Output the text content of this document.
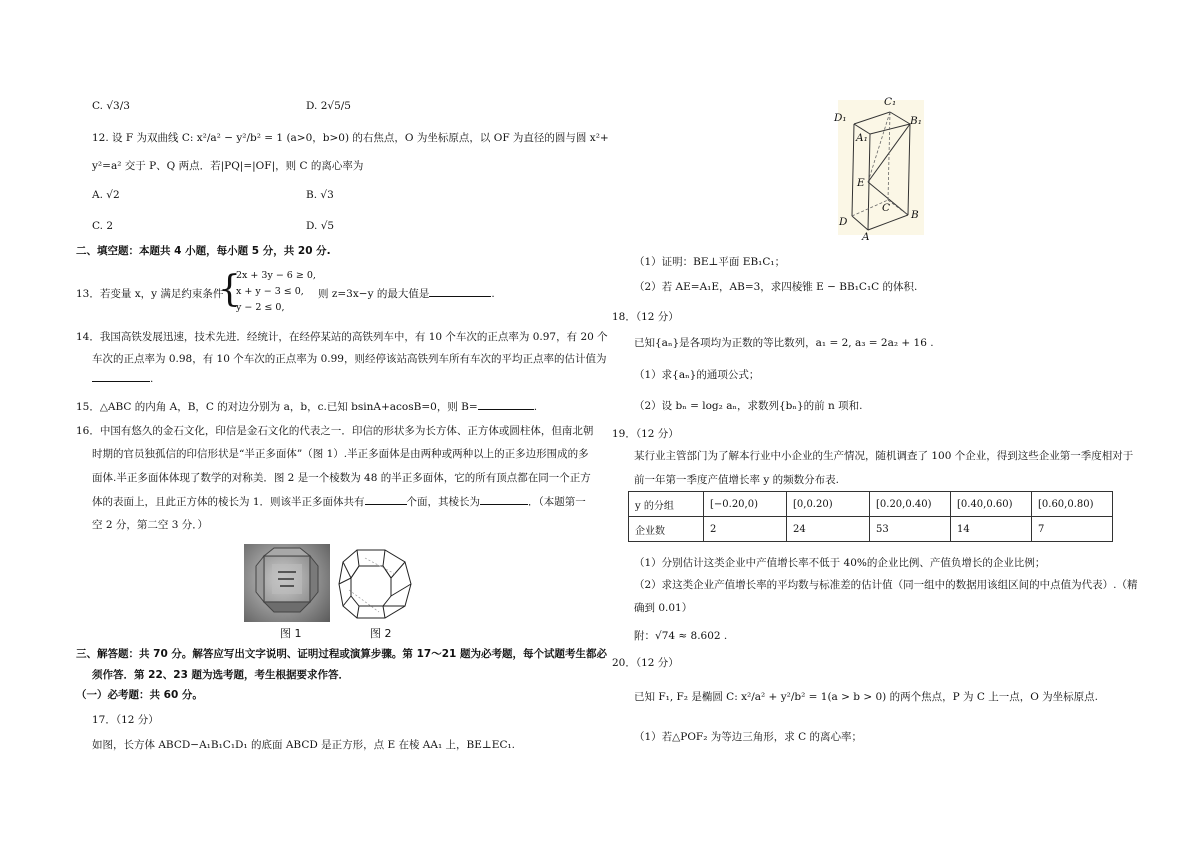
C. √3/3	D. 2√5/5
12. 设 F 为双曲线 C: x²/a² − y²/b² = 1 (a>0，b>0) 的右焦点，O 为坐标原点，以 OF 为直径的圆与圆 x²+
y²=a² 交于 P、Q 两点．若|PQ|=|OF|，则 C 的离心率为
A. √2	B. √3
C. 2	D. √5
二、填空题：本题共 4 小题，每小题 5 分，共 20 分.
13．若变量 x，y 满足约束条件
{
2x + 3y − 6 ≥ 0,
x + y − 3 ≤ 0,
y − 2 ≤ 0,
则 z=3x−y 的最大值是	.
14．我国高铁发展迅速，技术先进．经统计，在经停某站的高铁列车中，有 10 个车次的正点率为 0.97，有 20 个
车次的正点率为 0.98，有 10 个车次的正点率为 0.99，则经停该站高铁列车所有车次的平均正点率的估计值为
.
15．△ABC 的内角 A，B，C 的对边分别为 a，b，c.已知 bsinA+acosB=0，则 B=	.
16．中国有悠久的金石文化，印信是金石文化的代表之一．印信的形状多为长方体、正方体或圆柱体，但南北朝
时期的官员独孤信的印信形状是“半正多面体”（图 1）.半正多面体是由两种或两种以上的正多边形围成的多
面体.半正多面体体现了数学的对称美．图 2 是一个棱数为 48 的半正多面体，它的所有顶点都在同一个正方
体的表面上，且此正方体的棱长为 1．则该半正多面体共有	个面，其棱长为	．（本题第一
空 2 分，第二空 3 分．）
图 1	图 2
三、解答题：共 70 分。解答应写出文字说明、证明过程或演算步骤。第 17～21 题为必考题，每个试题考生都必
须作答．第 22、23 题为选考题，考生根据要求作答．
（一）必考题：共 60 分。
17．（12 分）
如图，长方体 ABCD−A₁B₁C₁D₁ 的底面 ABCD 是正方形，点 E 在棱 AA₁ 上，BE⊥EC₁.
D₁
C₁
B₁
A₁
E
C
B
D
A
（1）证明：BE⊥平面 EB₁C₁；
（2）若 AE=A₁E，AB=3，求四棱锥 E − BB₁C₁C 的体积.
18．（12 分）
已知{aₙ}是各项均为正数的等比数列，a₁ = 2, a₃ = 2a₂ + 16 .
（1）求{aₙ}的通项公式；
（2）设 bₙ = log₂ aₙ，求数列{bₙ}的前 n 项和.
19．（12 分）
某行业主管部门为了解本行业中小企业的生产情况，随机调查了 100 个企业，得到这些企业第一季度相对于
前一年第一季度产值增长率 y 的频数分布表.
y 的分组	[−0.20,0)	[0,0.20)	[0.20,0.40)	[0.40,0.60)	[0.60,0.80)
企业数	2	24	53	14	7
（1）分别估计这类企业中产值增长率不低于 40%的企业比例、产值负增长的企业比例；
（2）求这类企业产值增长率的平均数与标准差的估计值（同一组中的数据用该组区间的中点值为代表）.（精
确到 0.01）
附：√74 ≈ 8.602 .
20．（12 分）
已知 F₁, F₂ 是椭圆 C: x²/a² + y²/b² = 1(a > b > 0) 的两个焦点，P 为 C 上一点，O 为坐标原点.
（1）若△POF₂ 为等边三角形，求 C 的离心率；
